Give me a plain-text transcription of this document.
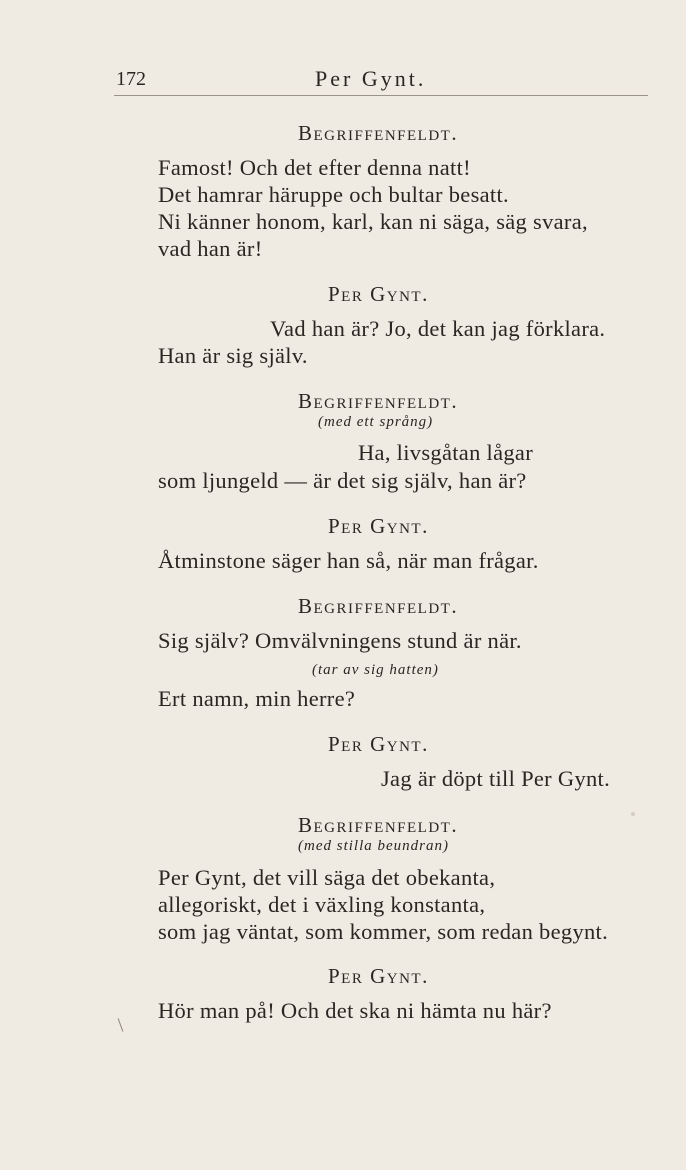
172	Per Gynt.
Begriffenfeldt.
Famost! Och det efter denna natt!
Det hamrar häruppe och bultar besatt.
Ni känner honom, karl, kan ni säga, säg svara,
vad han är!
Per Gynt.
Vad han är? Jo, det kan jag förklara.
Han är sig själv.
Begriffenfeldt.
(med ett språng)
Ha, livsgåtan lågar
som ljungeld — är det sig själv, han är?
Per Gynt.
Åtminstone säger han så, när man frågar.
Begriffenfeldt.
Sig själv? Omvälvningens stund är när.
(tar av sig hatten)
Ert namn, min herre?
Per Gynt.
Jag är döpt till Per Gynt.
Begriffenfeldt.
(med stilla beundran)
Per Gynt, det vill säga det obekanta,
allegoriskt, det i växling konstanta,
som jag väntat, som kommer, som redan begynt.
Per Gynt.
Hör man på! Och det ska ni hämta nu här?
